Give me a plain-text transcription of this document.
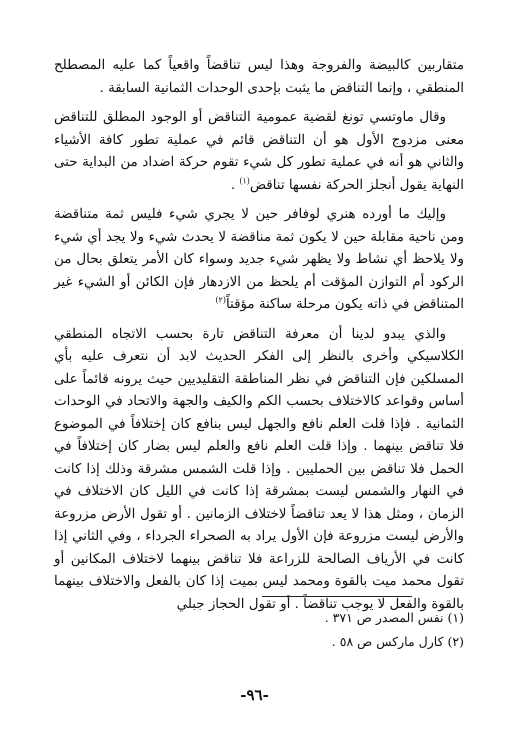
متقاربين كالبيضة والفروجة وهذا ليس تناقضاً واقعياً كما عليه المصطلح المنطقي ، وإنما التناقض ما يثبت بإحدى الوحدات الثمانية السابقة .

وقال ماوتسي تونغ لقضية عمومية التناقض أو الوجود المطلق للتناقض معنى مزدوج الأول هو أن التناقض قائم في عملية تطور كافة الأشياء والثاني هو أنه في عملية تطور كل شيء تقوم حركة اضداد من البداية حتى النهاية يقول أنجلز الحركة نفسها تناقض$^{(١)}$ .

وإليك ما أورده هنري لوفافر حين لا يجري شيء فليس ثمة متناقضة ومن ناحية مقابلة حين لا يكون ثمة مناقضة لا يحدث شيء ولا يجد أي شيء ولا يلاحظ أي نشاط ولا يظهر شيء جديد وسواء كان الأمر يتعلق بحال من الركود أم التوازن المؤقت أم يلحظ من الازدهار فإن الكائن أو الشيء غير المتناقض في ذاته يكون مرحلة ساكنة مؤقتاً$^{(٢)}$

والذي يبدو لدينا أن معرفة التناقض تارة بحسب الاتجاه المنطقي الكلاسيكي وأخرى بالنظر إلى الفكر الحديث لابد أن نتعرف عليه بأي المسلكين فإن التناقض في نظر المناطقة التقليديين حيث يرونه قائماً على أساس وقواعد كالاختلاف بحسب الكم والكيف والجهة والاتحاد في الوحدات الثمانية . فإذا قلت العلم نافع والجهل ليس بنافع كان إختلافاً في الموضوع فلا تناقض بينهما . وإذا قلت العلم نافع والعلم ليس بضار كان إختلافاً في الحمل فلا تناقض بين الحمليين . وإذا قلت الشمس مشرقة وذلك إذا كانت في النهار والشمس ليست بمشرقة إذا كانت في الليل كان الاختلاف في الزمان ، ومثل هذا لا يعد تناقضاً لاختلاف الزمانين . أو تقول الأرض مزروعة والأرض ليست مزروعة فإن الأول يراد به الصحراء الجرداء ، وفي الثاني إذا كانت في الأرياف الصالحة للزراعة فلا تناقض بينهما لاختلاف المكانين أو تقول محمد ميت بالقوة ومحمد ليس بميت إذا كان بالفعل والاختلاف بينهما بالقوة والفعل لا يوجب تناقضاً . أو تقول الحجاز جبلي

(١) نفس المصدر ص ٣٧١ .

(٢) كارل ماركس ص ٥٨ .

-٩٦-
